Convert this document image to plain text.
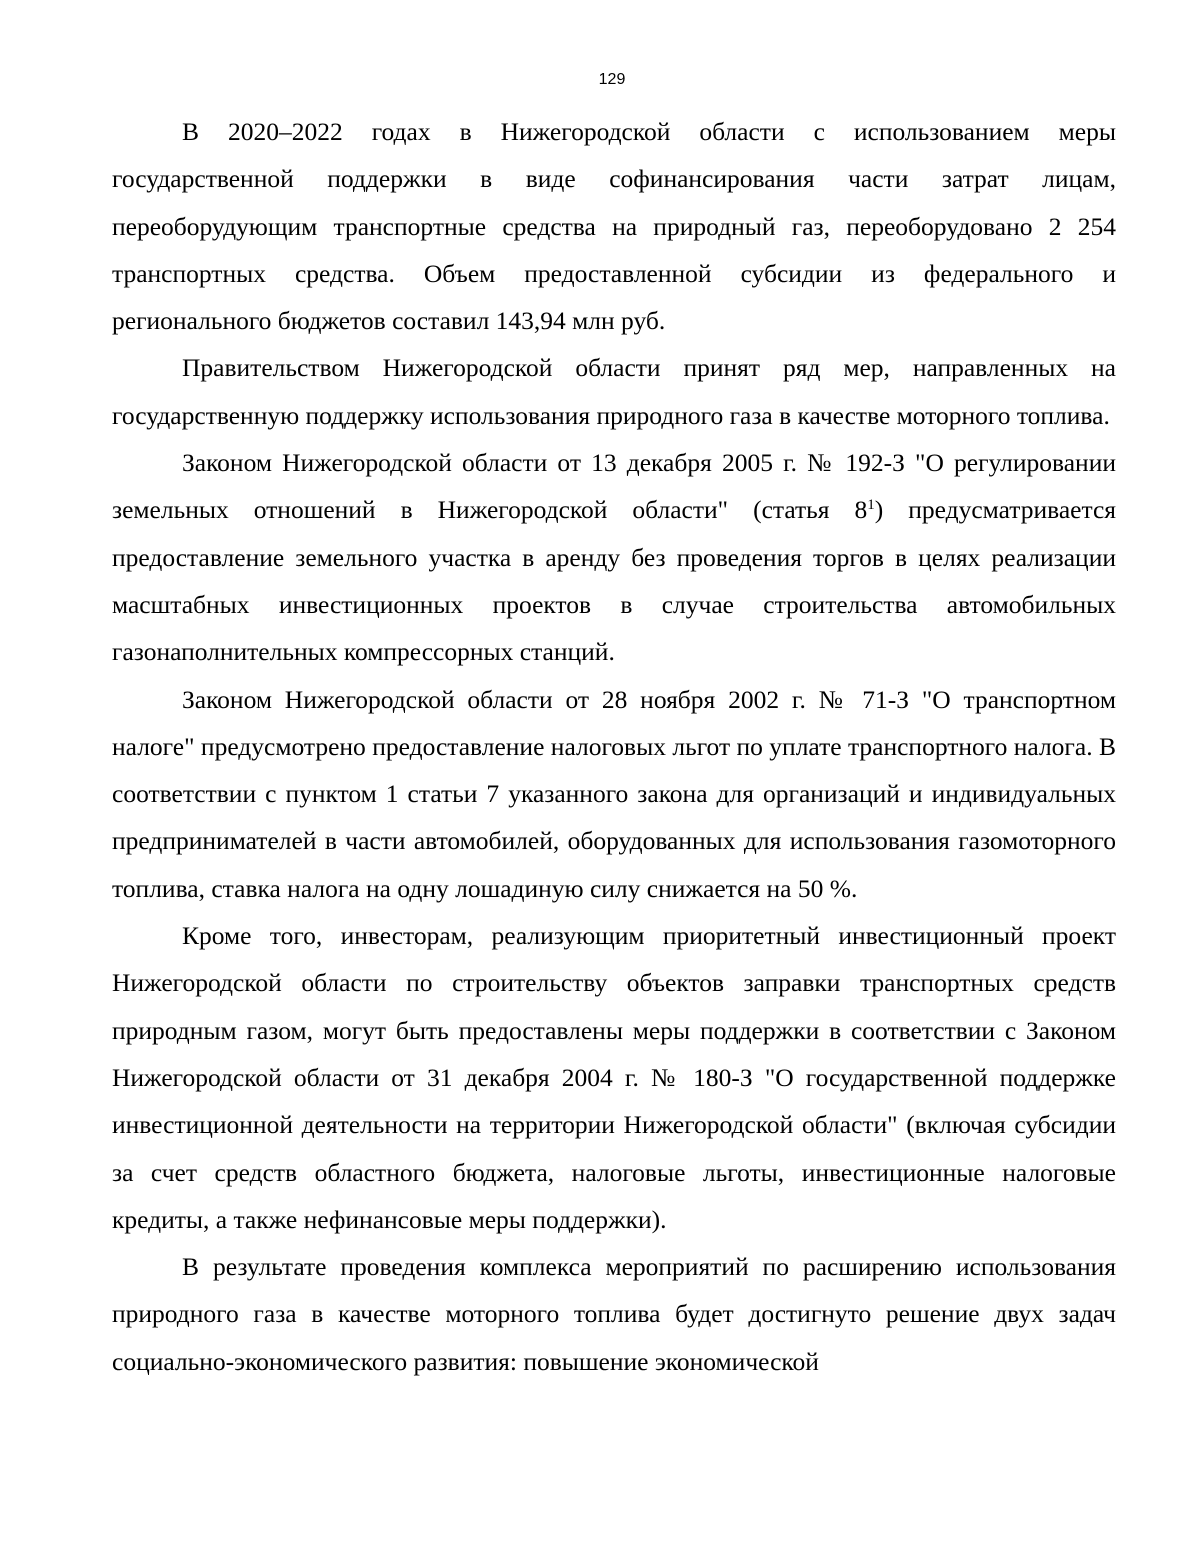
129

В 2020–2022 годах в Нижегородской области с использованием меры государственной поддержки в виде софинансирования части затрат лицам, переоборудующим транспортные средства на природный газ, переоборудовано 2 254 транспортных средства. Объем предоставленной субсидии из федерального и регионального бюджетов составил 143,94 млн руб.

Правительством Нижегородской области принят ряд мер, направленных на государственную поддержку использования природного газа в качестве моторного топлива.

Законом Нижегородской области от 13 декабря 2005 г. № 192-З "О регулировании земельных отношений в Нижегородской области" (статья $8^1$) предусматривается предоставление земельного участка в аренду без проведения торгов в целях реализации масштабных инвестиционных проектов в случае строительства автомобильных газонаполнительных компрессорных станций.

Законом Нижегородской области от 28 ноября 2002 г. № 71-З "О транспортном налоге" предусмотрено предоставление налоговых льгот по уплате транспортного налога. В соответствии с пунктом 1 статьи 7 указанного закона для организаций и индивидуальных предпринимателей в части автомобилей, оборудованных для использования газомоторного топлива, ставка налога на одну лошадиную силу снижается на 50 %.

Кроме того, инвесторам, реализующим приоритетный инвестиционный проект Нижегородской области по строительству объектов заправки транспортных средств природным газом, могут быть предоставлены меры поддержки в соответствии с Законом Нижегородской области от 31 декабря 2004 г. № 180-З "О государственной поддержке инвестиционной деятельности на территории Нижегородской области" (включая субсидии за счет средств областного бюджета, налоговые льготы, инвестиционные налоговые кредиты, а также нефинансовые меры поддержки).

В результате проведения комплекса мероприятий по расширению использования природного газа в качестве моторного топлива будет достигнуто решение двух задач социально-экономического развития: повышение экономической
